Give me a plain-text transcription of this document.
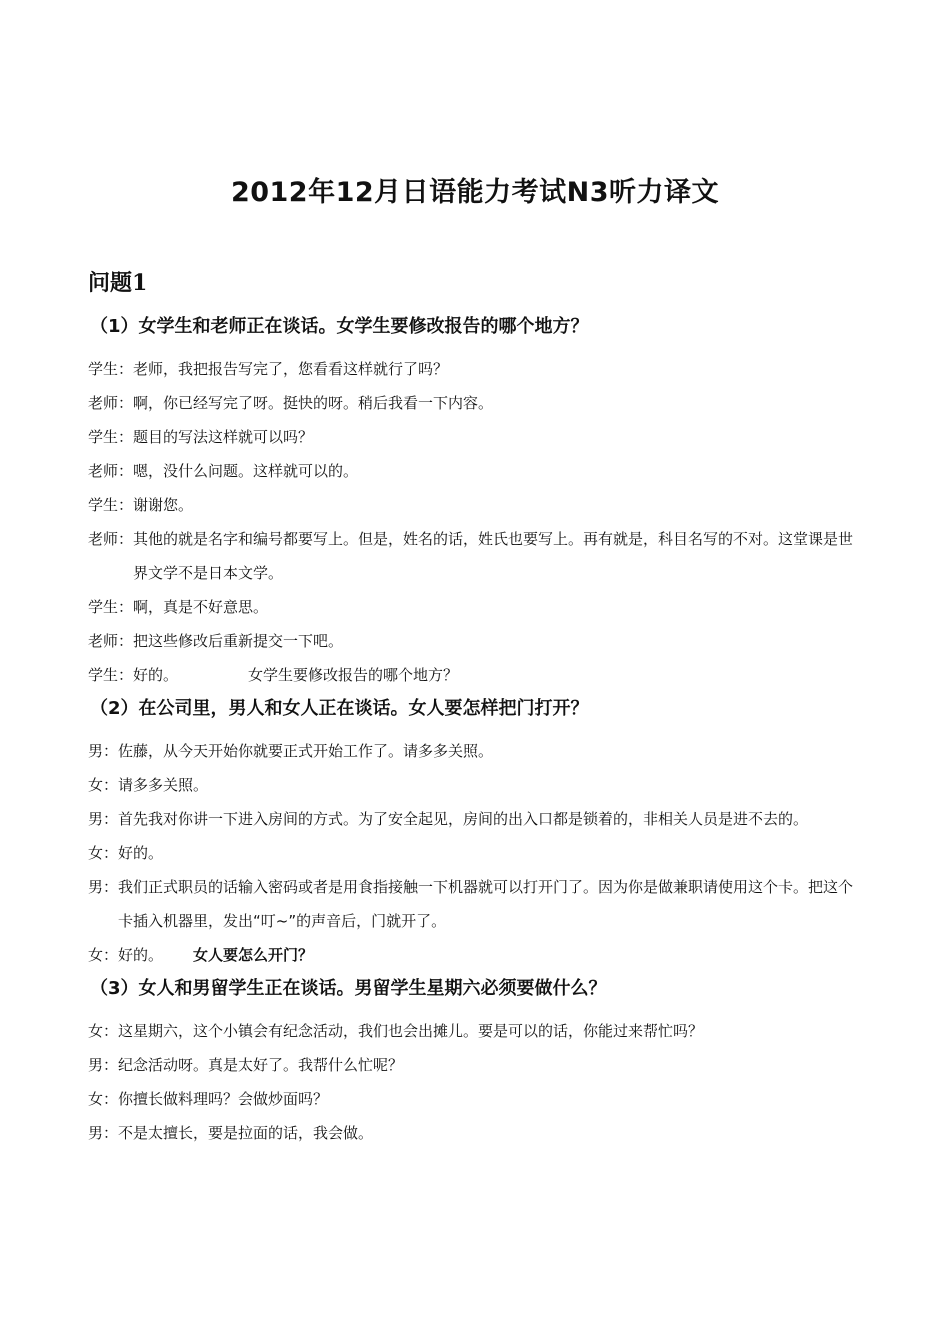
2012年12月日语能力考试N3听力译文
问题1
（1）女学生和老师正在谈话。女学生要修改报告的哪个地方？
学生： 老师，我把报告写完了，您看看这样就行了吗？
老师： 啊，你已经写完了呀。挺快的呀。稍后我看一下内容。
学生： 题目的写法这样就可以吗？
老师： 嗯，没什么问题。这样就可以的。
学生： 谢谢您。
老师： 其他的就是名字和编号都要写上。但是，姓名的话，姓氏也要写上。再有就是，科目名写的不对。这堂课是世界文学不是日本文学。
学生： 啊，真是不好意思。
老师： 把这些修改后重新提交一下吧。
学生： 好的。	女学生要修改报告的哪个地方？
（2）在公司里，男人和女人正在谈话。女人要怎样把门打开？
男： 佐藤，从今天开始你就要正式开始工作了。请多多关照。
女： 请多多关照。
男： 首先我对你讲一下进入房间的方式。为了安全起见，房间的出入口都是锁着的，非相关人员是进不去的。
女： 好的。
男： 我们正式职员的话输入密码或者是用食指接触一下机器就可以打开门了。因为你是做兼职请使用这个卡。把这个卡插入机器里，发出“叮~”的声音后，门就开了。
女： 好的。 女人要怎么开门？
（3）女人和男留学生正在谈话。男留学生星期六必须要做什么？
女： 这星期六，这个小镇会有纪念活动，我们也会出摊儿。要是可以的话，你能过来帮忙吗？
男： 纪念活动呀。真是太好了。我帮什么忙呢？
女： 你擅长做料理吗？会做炒面吗？
男： 不是太擅长，要是拉面的话，我会做。
